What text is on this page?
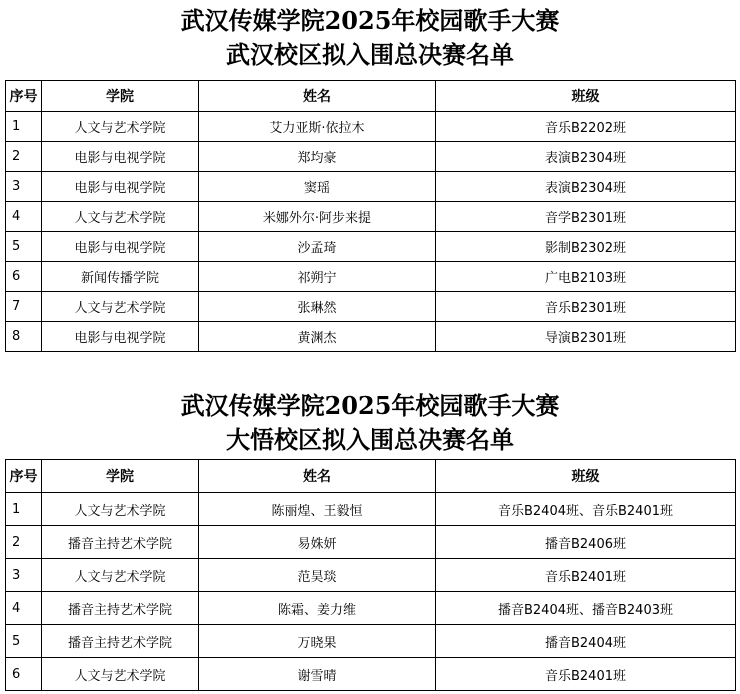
武汉传媒学院2025年校园歌手大赛

武汉校区拟入围总决赛名单

序号	学院	姓名	班级
1	人文与艺术学院	艾力亚斯·依拉木	音乐B2202班
2	电影与电视学院	郑均豪	表演B2304班
3	电影与电视学院	窦瑶	表演B2304班
4	人文与艺术学院	米娜外尔·阿步来提	音学B2301班
5	电影与电视学院	沙孟琦	影制B2302班
6	新闻传播学院	祁朔宁	广电B2103班
7	人文与艺术学院	张琳然	音乐B2301班
8	电影与电视学院	黄渊杰	导演B2301班

武汉传媒学院2025年校园歌手大赛

大悟校区拟入围总决赛名单

序号	学院	姓名	班级
1	人文与艺术学院	陈丽煌、王毅恒	音乐B2404班、音乐B2401班
2	播音主持艺术学院	易姝妍	播音B2406班
3	人文与艺术学院	范昊琰	音乐B2401班
4	播音主持艺术学院	陈霜、姜力维	播音B2404班、播音B2403班
5	播音主持艺术学院	万晓果	播音B2404班
6	人文与艺术学院	谢雪晴	音乐B2401班
